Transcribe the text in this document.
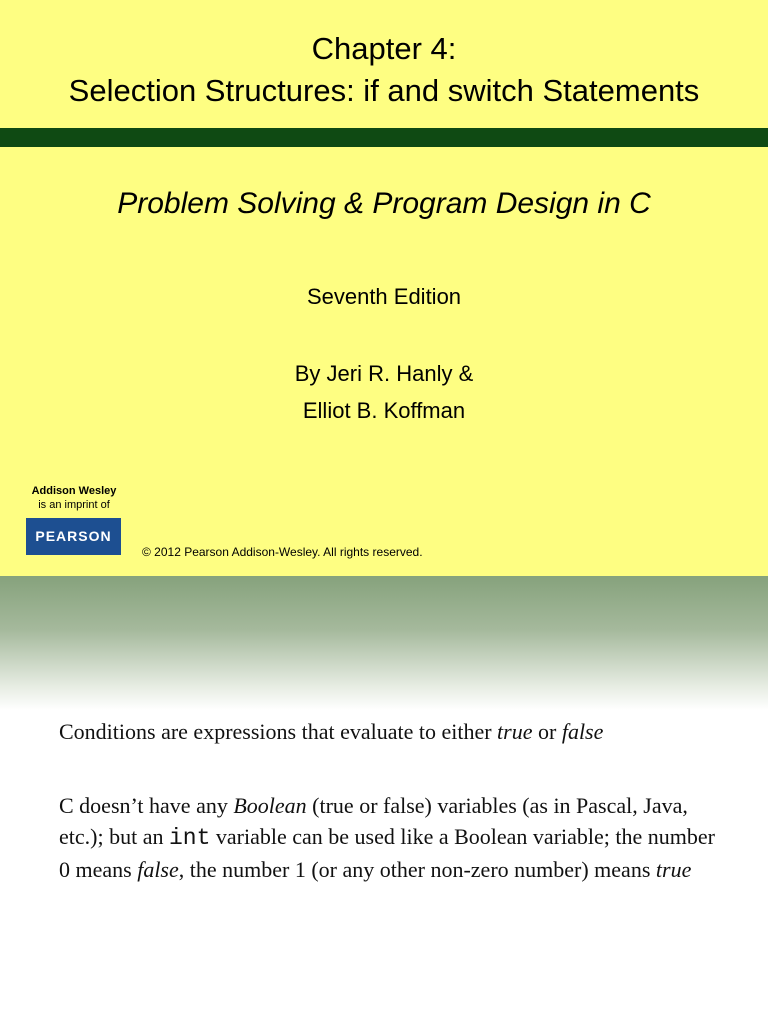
Chapter 4:
Selection Structures: if and switch Statements
Problem Solving & Program Design in C
Seventh Edition
By Jeri R. Hanly &
Elliot B. Koffman
Addison Wesley
is an imprint of
PEARSON
© 2012 Pearson Addison-Wesley. All rights reserved.
Conditions are expressions that evaluate to either true or false
C doesn’t have any Boolean (true or false) variables (as in Pascal, Java, etc.); but an int variable can be used like a Boolean variable; the number 0 means false, the number 1 (or any other non-zero number) means true
